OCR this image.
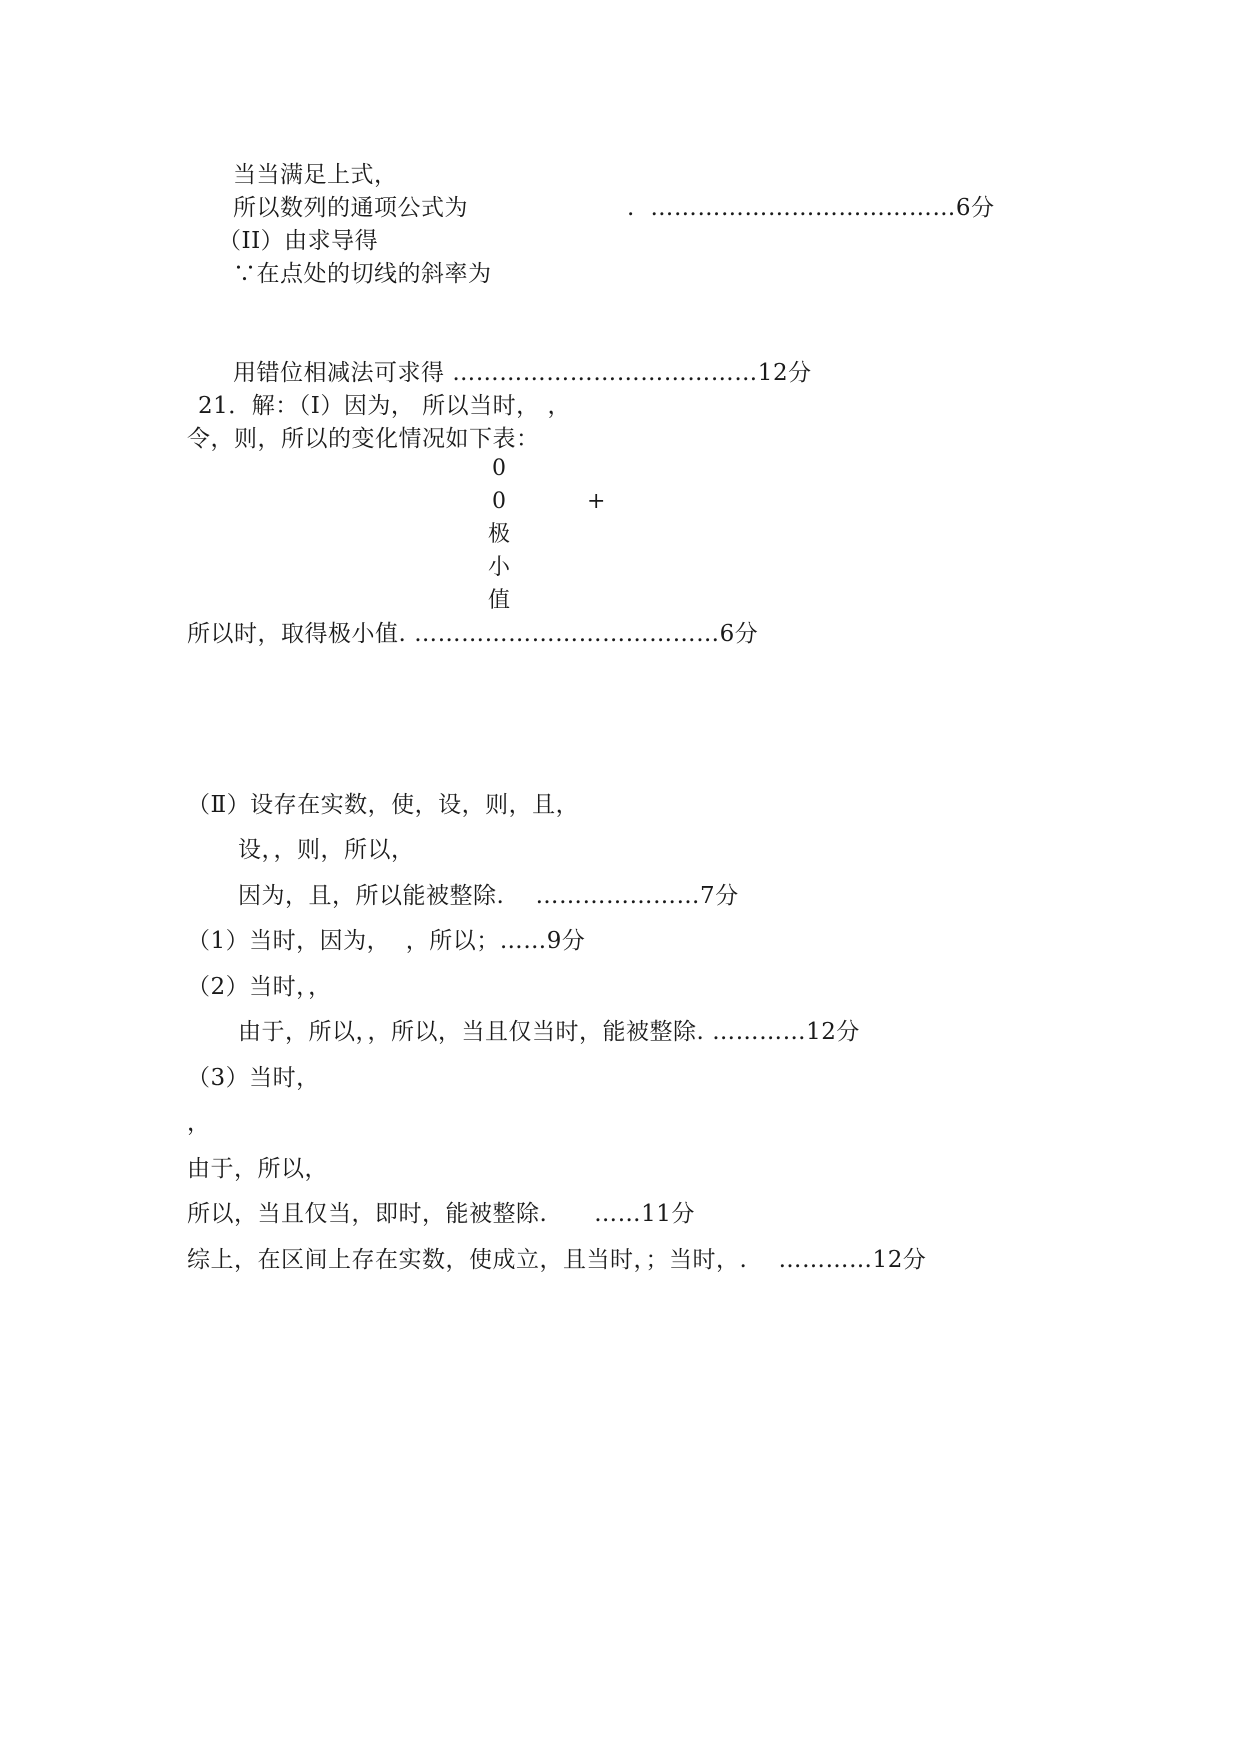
当当满足上式，
所以数列的通项公式为	.  …………………………………6分
（II）由求导得
∵在点处的切线的斜率为
用错位相减法可求得 …………………………………12分
21．解：（I）因为， 所以当时， ，
令，则，所以的变化情况如下表：
0
0	+
极
小
值
所以时，取得极小值. …………………………………6分
（Ⅱ）设存在实数，使，设，则，且，
设，，则，所以，
因为，且，所以能被整除.    …………………7分
（1）当时，因为，  ，所以；……9分
（2）当时，，
由于，所以，，所以，当且仅当时，能被整除. …………12分
（3）当时，
，
由于，所以，
所以，当且仅当，即时，能被整除.      ……11分
综上，在区间上存在实数，使成立，且当时，；当时，.    …………12分
